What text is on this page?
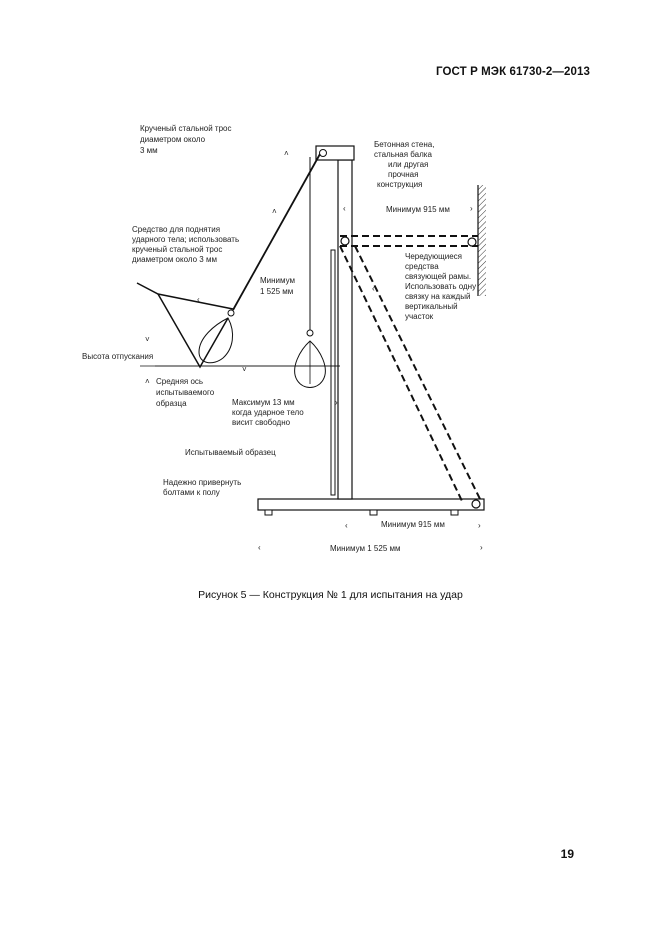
ГОСТ Р МЭК 61730-2—2013
˄
˄	‹	›
‹
˅
˄
˅
‹
›
‹	›
‹	›
Крученый стальной трос диаметром около 3 мм
Средство для поднятия ударного тела; использовать крученый стальной трос диаметром около 3 мм
Высота отпускания
Средняя ось испытываемого образца
Минимум 1 525 мм
Максимум 13 мм когда ударное тело висит свободно
Испытываемый образец
Надежно привернуть болтами к полу
Бетонная стена, стальная балка или другая прочная конструкция
Минимум 915 мм
Чередующиеся средства связующей рамы. Использовать одну связку на каждый вертикальный участок
Минимум 915 мм
Минимум 1 525 мм
Рисунок 5 — Конструкция № 1 для испытания на удар
19
